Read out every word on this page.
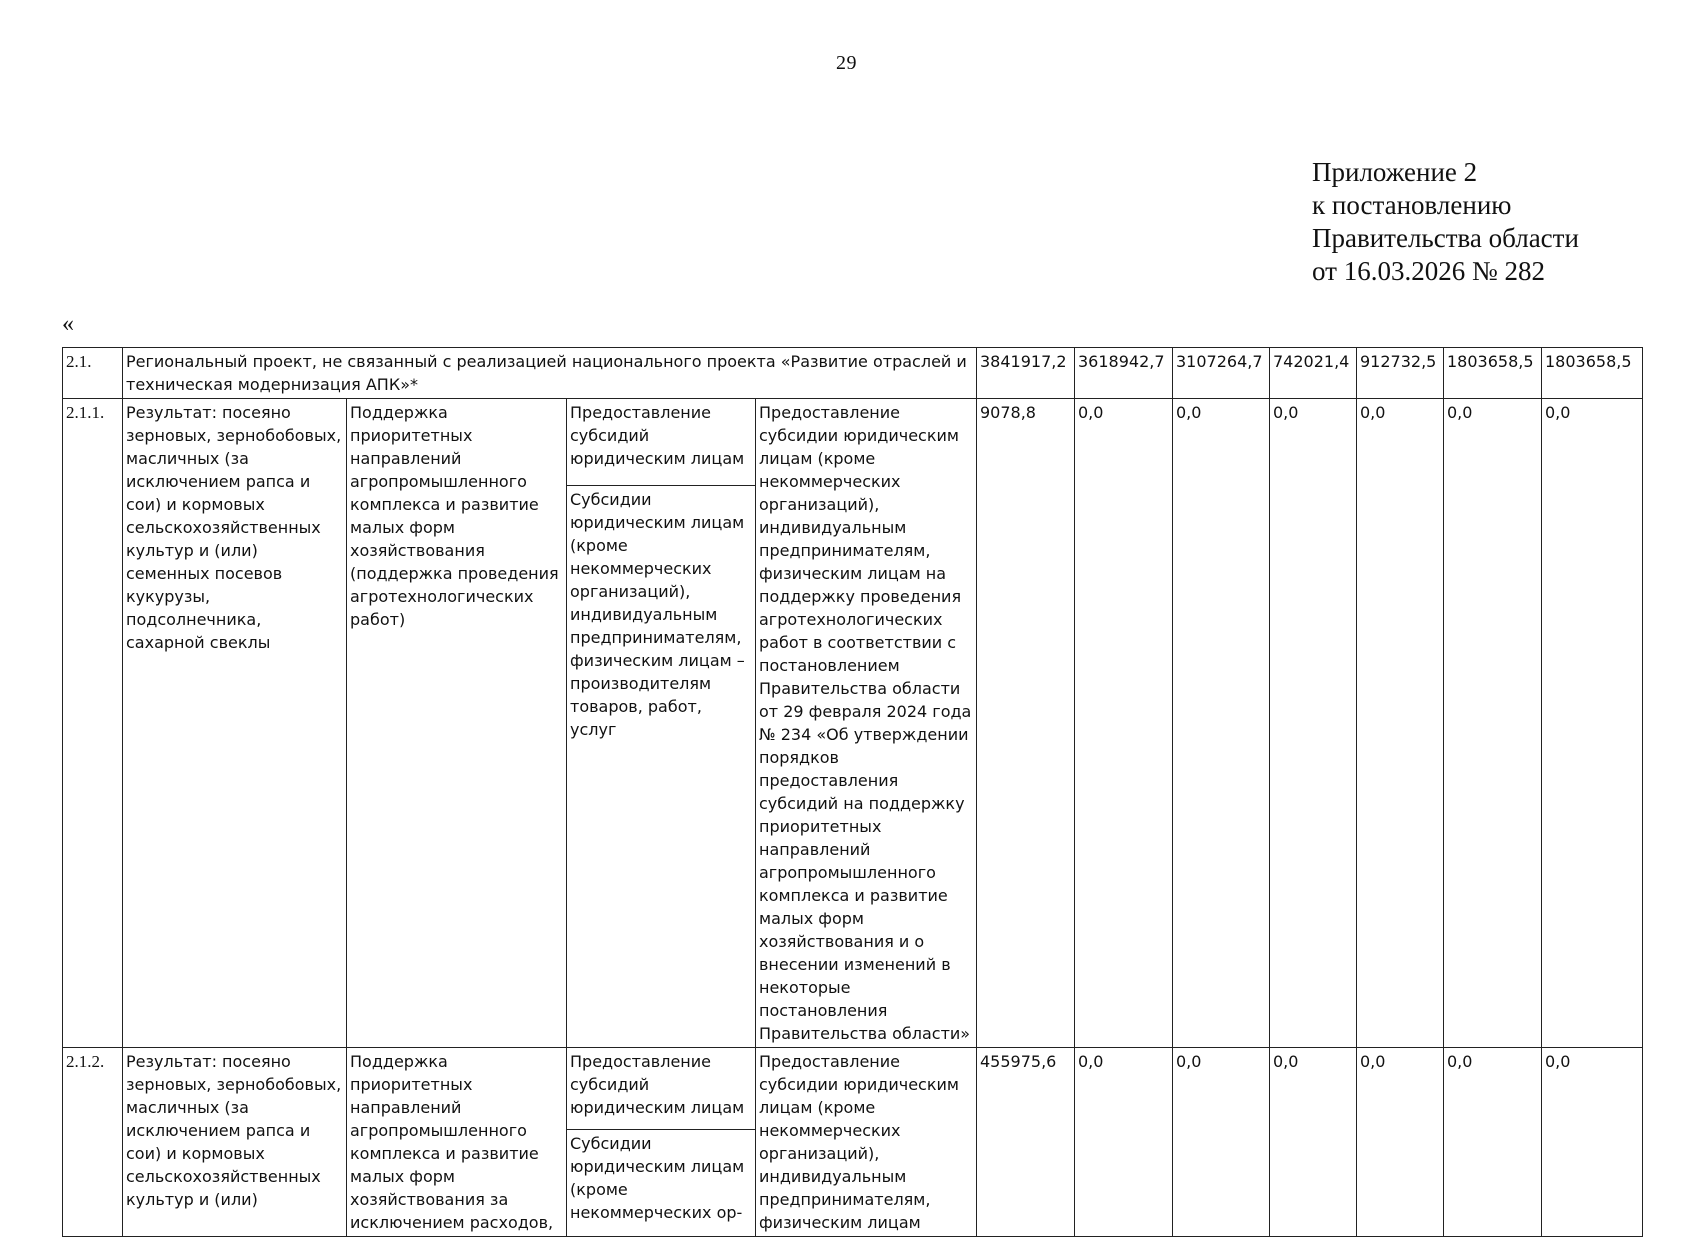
29
Приложение 2
к постановлению
Правительства области
от 16.03.2026 № 282
«
2.1.	Региональный проект, не связанный с реализацией национального проекта «Развитие отраслей и техническая модернизация АПК»*				3841917,2	3618942,7	3107264,7	742021,4	912732,5	1803658,5	1803658,5
2.1.1.	Результат: посеяно зерновых, зернобобовых, масличных (за исключением рапса и сои) и кормовых сельскохозяйственных культур и (или) семенных посевов кукурузы, подсолнечника, сахарной свеклы	Поддержка приоритетных направлений агропромышленного комплекса и развитие малых форм хозяйствования (поддержка проведения агротехнологических работ)	Предоставление субсидий юридическим лицам	Предоставление субсидии юридическим лицам (кроме некоммерческих организаций), индивидуальным предпринимателям, физическим лицам на поддержку проведения агротехнологических работ в соответствии с постановлением Правительства области от 29 февраля 2024 года № 234 «Об утверждении порядков предоставления субсидий на поддержку приоритетных направлений агропромышленного комплекса и развитие малых форм хозяйствования и о внесении изменений в некоторые постановления Правительства области»	9078,8	0,0	0,0	0,0	0,0	0,0	0,0
			Субсидии юридическим лицам (кроме некоммерческих организаций), индивидуальным предпринимателям, физическим лицам – производителям товаров, работ, услуг								
2.1.2.	Результат: посеяно зерновых, зернобобовых, масличных (за исключением рапса и сои) и кормовых сельскохозяйственных культур и (или)	Поддержка приоритетных направлений агропромышленного комплекса и развитие малых форм хозяйствования за исключением расходов,	Предоставление субсидий юридическим лицам	Предоставление субсидии юридическим лицам (кроме некоммерческих организаций), индивидуальным предпринимателям, физическим лицам	455975,6	0,0	0,0	0,0	0,0	0,0	0,0
			Субсидии юридическим лицам (кроме некоммерческих ор-								
